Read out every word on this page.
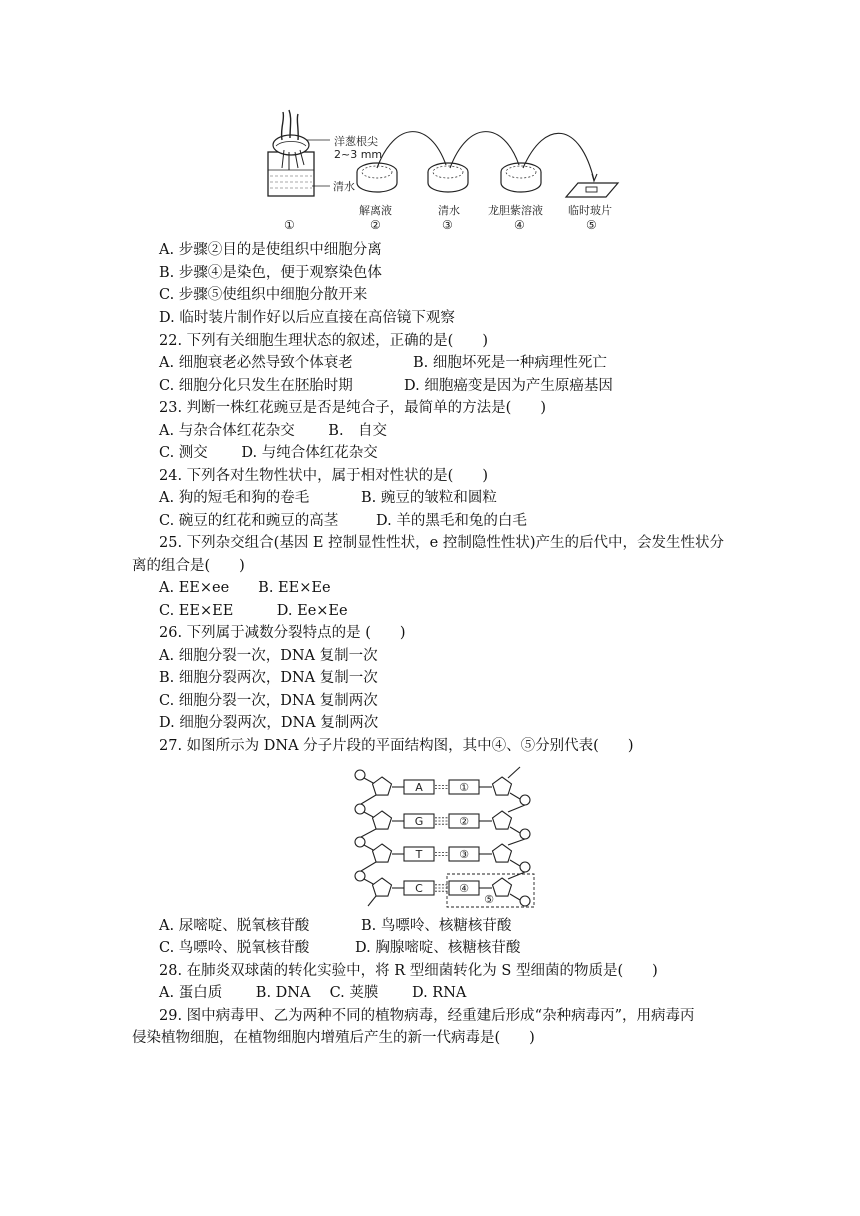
洋葱根尖
2~3 mm
清水
解离液	清水	龙胆紫溶液 临时玻片
①	②	③	④	⑤
A. 步骤②目的是使组织中细胞分离
B. 步骤④是染色，便于观察染色体
C. 步骤⑤使组织中细胞分散开来
D. 临时装片制作好以后应直接在高倍镜下观察
22. 下列有关细胞生理状态的叙述，正确的是(　　)
A. 细胞衰老必然导致个体衰老	B. 细胞坏死是一种病理性死亡
C. 细胞分化只发生在胚胎时期	D. 细胞癌变是因为产生原癌基因
23. 判断一株红花豌豆是否是纯合子，最简单的方法是(　　)
A. 与杂合体红花杂交　　 B.　自交
C. 测交　　 D. 与纯合体红花杂交
24. 下列各对生物性状中，属于相对性状的是(　　)
A. 狗的短毛和狗的卷毛	B. 豌豆的皱粒和圆粒
C. 碗豆的红花和豌豆的高茎	D. 羊的黑毛和兔的白毛
25. 下列杂交组合(基因 E 控制显性性状，e 控制隐性性状)产生的后代中，会发生性状分
离的组合是(　　)
A. EE×ee　　B. EE×Ee
C. EE×EE　　　D. Ee×Ee
26. 下列属于减数分裂特点的是 (　　)
A. 细胞分裂一次，DNA 复制一次
B. 细胞分裂两次，DNA 复制一次
C. 细胞分裂一次，DNA 复制两次
D. 细胞分裂两次，DNA 复制两次
27. 如图所示为 DNA 分子片段的平面结构图，其中④、⑤分别代表(　　)
A	①
G	②
T	③
C	④
⑤
A. 尿嘧啶、脱氧核苷酸	B. 鸟嘌呤、核糖核苷酸
C. 鸟嘌呤、脱氧核苷酸	D. 胸腺嘧啶、核糖核苷酸
28. 在肺炎双球菌的转化实验中，将 R 型细菌转化为 S 型细菌的物质是(　　)
A. 蛋白质　　 B. DNA　 C. 荚膜　　 D. RNA
29. 图中病毒甲、乙为两种不同的植物病毒，经重建后形成“杂种病毒丙”，用病毒丙
侵染植物细胞，在植物细胞内增殖后产生的新一代病毒是(　　)
